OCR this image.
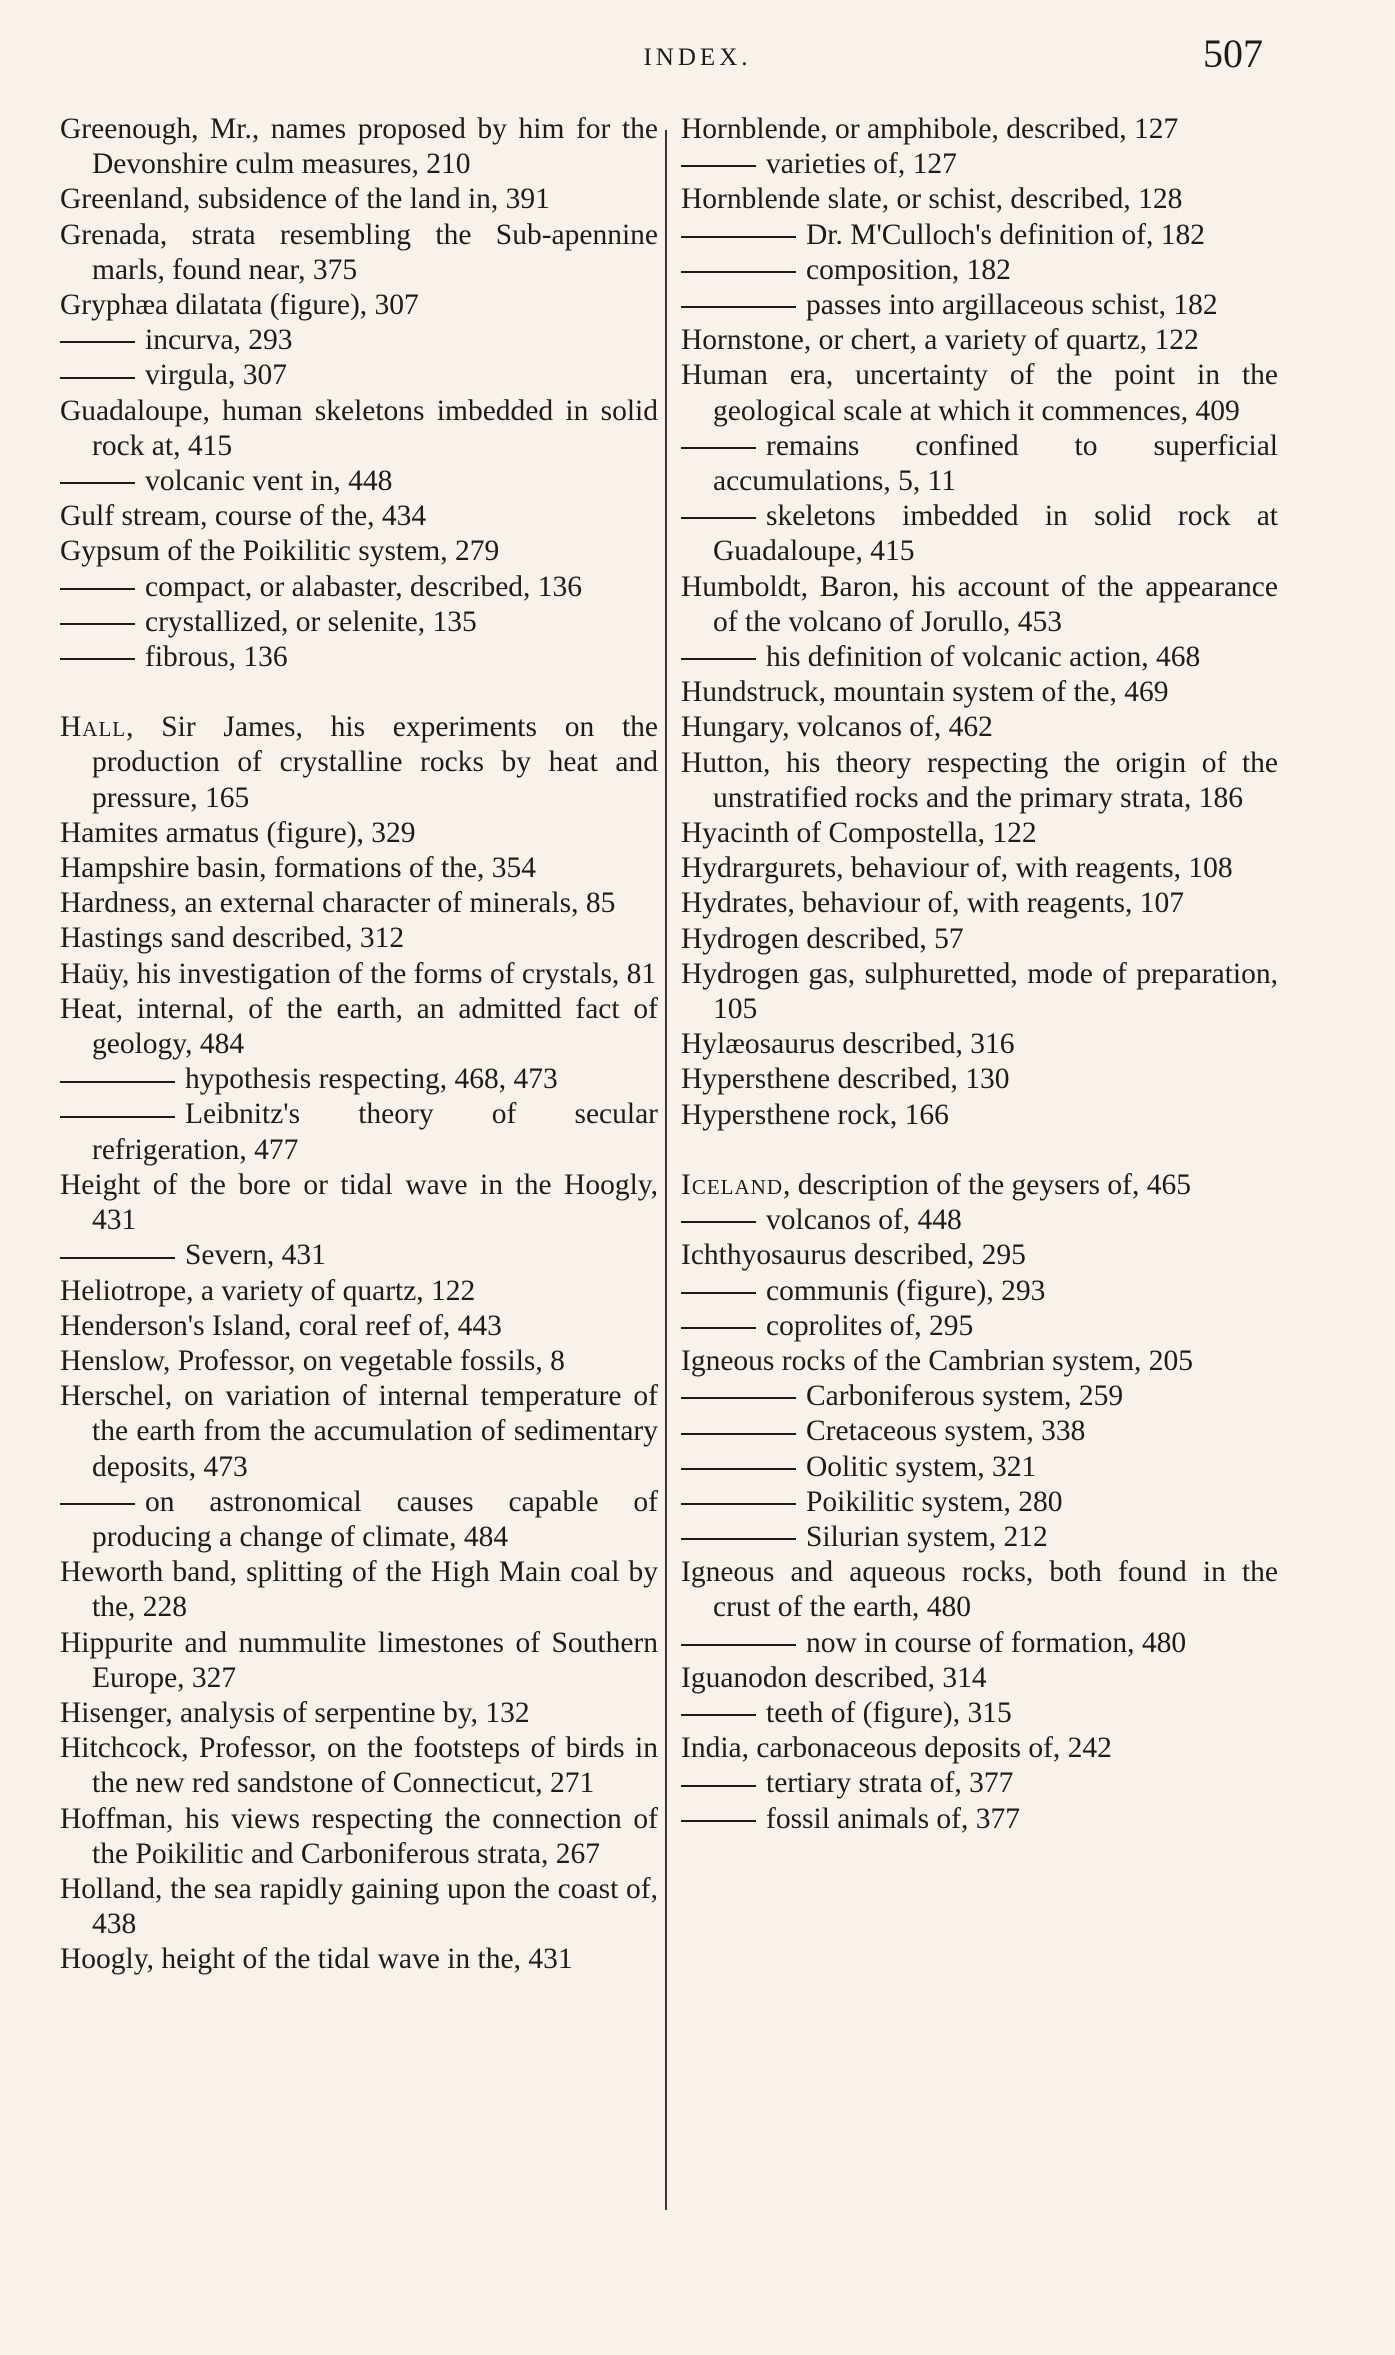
INDEX.	507
Greenough, Mr., names proposed by him for the Devonshire culm measures, 210
Greenland, subsidence of the land in, 391
Grenada, strata resembling the Sub-apennine marls, found near, 375
Gryphæa dilatata (figure), 307
incurva, 293
virgula, 307
Guadaloupe, human skeletons imbedded in solid rock at, 415
volcanic vent in, 448
Gulf stream, course of the, 434
Gypsum of the Poikilitic system, 279
compact, or alabaster, described, 136
crystallized, or selenite, 135
fibrous, 136
Hall, Sir James, his experiments on the production of crystalline rocks by heat and pressure, 165
Hamites armatus (figure), 329
Hampshire basin, formations of the, 354
Hardness, an external character of minerals, 85
Hastings sand described, 312
Haüy, his investigation of the forms of crystals, 81
Heat, internal, of the earth, an admitted fact of geology, 484
hypothesis respecting, 468, 473
Leibnitz's theory of secular refrigeration, 477
Height of the bore or tidal wave in the Hoogly, 431
Severn, 431
Heliotrope, a variety of quartz, 122
Henderson's Island, coral reef of, 443
Henslow, Professor, on vegetable fossils, 8
Herschel, on variation of internal temperature of the earth from the accumulation of sedimentary deposits, 473
on astronomical causes capable of producing a change of climate, 484
Heworth band, splitting of the High Main coal by the, 228
Hippurite and nummulite limestones of Southern Europe, 327
Hisenger, analysis of serpentine by, 132
Hitchcock, Professor, on the footsteps of birds in the new red sandstone of Connecticut, 271
Hoffman, his views respecting the connection of the Poikilitic and Carboniferous strata, 267
Holland, the sea rapidly gaining upon the coast of, 438
Hoogly, height of the tidal wave in the, 431
Hornblende, or amphibole, described, 127
varieties of, 127
Hornblende slate, or schist, described, 128
Dr. M'Culloch's definition of, 182
composition, 182
passes into argillaceous schist, 182
Hornstone, or chert, a variety of quartz, 122
Human era, uncertainty of the point in the geological scale at which it commences, 409
remains confined to superficial accumulations, 5, 11
skeletons imbedded in solid rock at Guadaloupe, 415
Humboldt, Baron, his account of the appearance of the volcano of Jorullo, 453
his definition of volcanic action, 468
Hundstruck, mountain system of the, 469
Hungary, volcanos of, 462
Hutton, his theory respecting the origin of the unstratified rocks and the primary strata, 186
Hyacinth of Compostella, 122
Hydrargurets, behaviour of, with reagents, 108
Hydrates, behaviour of, with reagents, 107
Hydrogen described, 57
Hydrogen gas, sulphuretted, mode of preparation, 105
Hylæosaurus described, 316
Hypersthene described, 130
Hypersthene rock, 166
Iceland, description of the geysers of, 465
volcanos of, 448
Ichthyosaurus described, 295
communis (figure), 293
coprolites of, 295
Igneous rocks of the Cambrian system, 205
Carboniferous system, 259
Cretaceous system, 338
Oolitic system, 321
Poikilitic system, 280
Silurian system, 212
Igneous and aqueous rocks, both found in the crust of the earth, 480
now in course of formation, 480
Iguanodon described, 314
teeth of (figure), 315
India, carbonaceous deposits of, 242
tertiary strata of, 377
fossil animals of, 377
